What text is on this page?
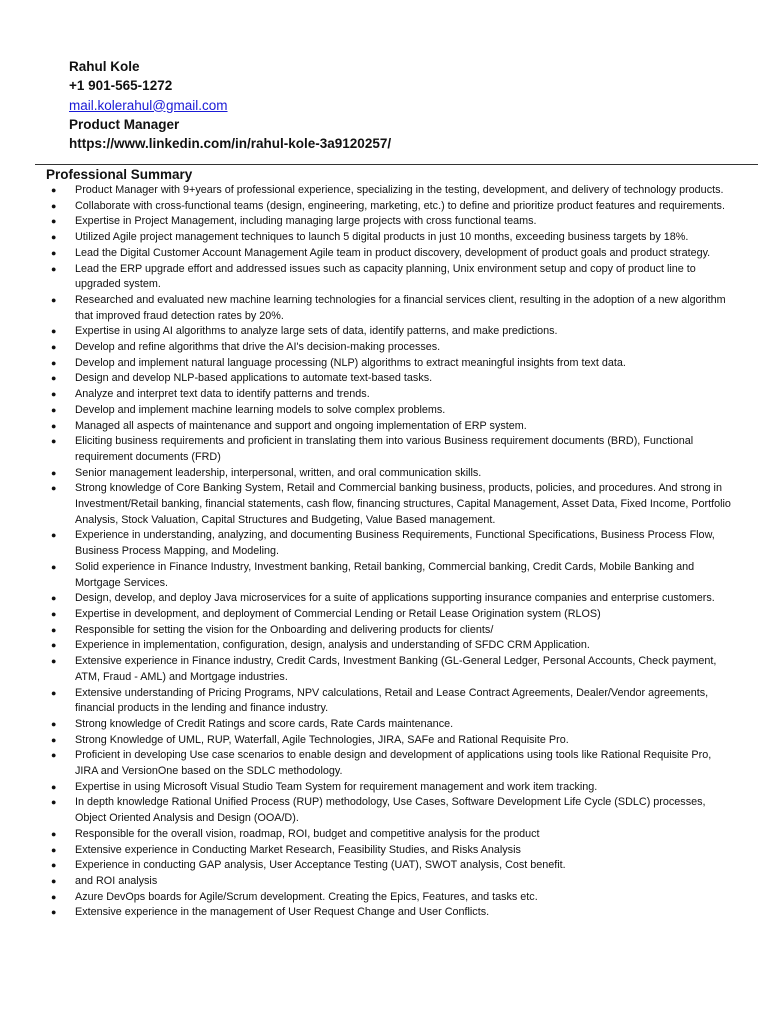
Rahul Kole
+1 901-565-1272
mail.kolerahul@gmail.com
Product Manager
https://www.linkedin.com/in/rahul-kole-3a9120257/
Professional Summary
● Product Manager with 9+years of professional experience, specializing in the testing, development, and delivery of technology products.
● Collaborate with cross-functional teams (design, engineering, marketing, etc.) to define and prioritize product features and requirements.
● Expertise in Project Management, including managing large projects with cross functional teams.
● Utilized Agile project management techniques to launch 5 digital products in just 10 months, exceeding business targets by 18%.
● Lead the Digital Customer Account Management Agile team in product discovery, development of product goals and product strategy.
● Lead the ERP upgrade effort and addressed issues such as capacity planning, Unix environment setup and copy of product line to upgraded system.
● Researched and evaluated new machine learning technologies for a financial services client, resulting in the adoption of a new algorithm that improved fraud detection rates by 20%.
● Expertise in using AI algorithms to analyze large sets of data, identify patterns, and make predictions.
● Develop and refine algorithms that drive the AI's decision-making processes.
● Develop and implement natural language processing (NLP) algorithms to extract meaningful insights from text data.
● Design and develop NLP-based applications to automate text-based tasks.
● Analyze and interpret text data to identify patterns and trends.
● Develop and implement machine learning models to solve complex problems.
● Managed all aspects of maintenance and support and ongoing implementation of ERP system.
● Eliciting business requirements and proficient in translating them into various Business requirement documents (BRD), Functional requirement documents (FRD)
● Senior management leadership, interpersonal, written, and oral communication skills.
● Strong knowledge of Core Banking System, Retail and Commercial banking business, products, policies, and procedures. And strong in Investment/Retail banking, financial statements, cash flow, financing structures, Capital Management, Asset Data, Fixed Income, Portfolio Analysis, Stock Valuation, Capital Structures and Budgeting, Value Based management.
● Experience in understanding, analyzing, and documenting Business Requirements, Functional Specifications, Business Process Flow, Business Process Mapping, and Modeling.
● Solid experience in Finance Industry, Investment banking, Retail banking, Commercial banking, Credit Cards, Mobile Banking and Mortgage Services.
● Design, develop, and deploy Java microservices for a suite of applications supporting insurance companies and enterprise customers.
● Expertise in development, and deployment of Commercial Lending or Retail Lease Origination system (RLOS)
● Responsible for setting the vision for the Onboarding and delivering products for clients/
● Experience in implementation, configuration, design, analysis and understanding of SFDC CRM Application.
● Extensive experience in Finance industry, Credit Cards, Investment Banking (GL-General Ledger, Personal Accounts, Check payment, ATM, Fraud - AML) and Mortgage industries.
● Extensive understanding of Pricing Programs, NPV calculations, Retail and Lease Contract Agreements, Dealer/Vendor agreements, financial products in the lending and finance industry.
● Strong knowledge of Credit Ratings and score cards, Rate Cards maintenance.
● Strong Knowledge of UML, RUP, Waterfall, Agile Technologies, JIRA, SAFe and Rational Requisite Pro.
● Proficient in developing Use case scenarios to enable design and development of applications using tools like Rational Requisite Pro, JIRA and VersionOne based on the SDLC methodology.
● Expertise in using Microsoft Visual Studio Team System for requirement management and work item tracking.
● In depth knowledge Rational Unified Process (RUP) methodology, Use Cases, Software Development Life Cycle (SDLC) processes, Object Oriented Analysis and Design (OOA/D).
● Responsible for the overall vision, roadmap, ROI, budget and competitive analysis for the product
● Extensive experience in Conducting Market Research, Feasibility Studies, and Risks Analysis
● Experience in conducting GAP analysis, User Acceptance Testing (UAT), SWOT analysis, Cost benefit.
● and ROI analysis
● Azure DevOps boards for Agile/Scrum development. Creating the Epics, Features, and tasks etc.
● Extensive experience in the management of User Request Change and User Conflicts.
